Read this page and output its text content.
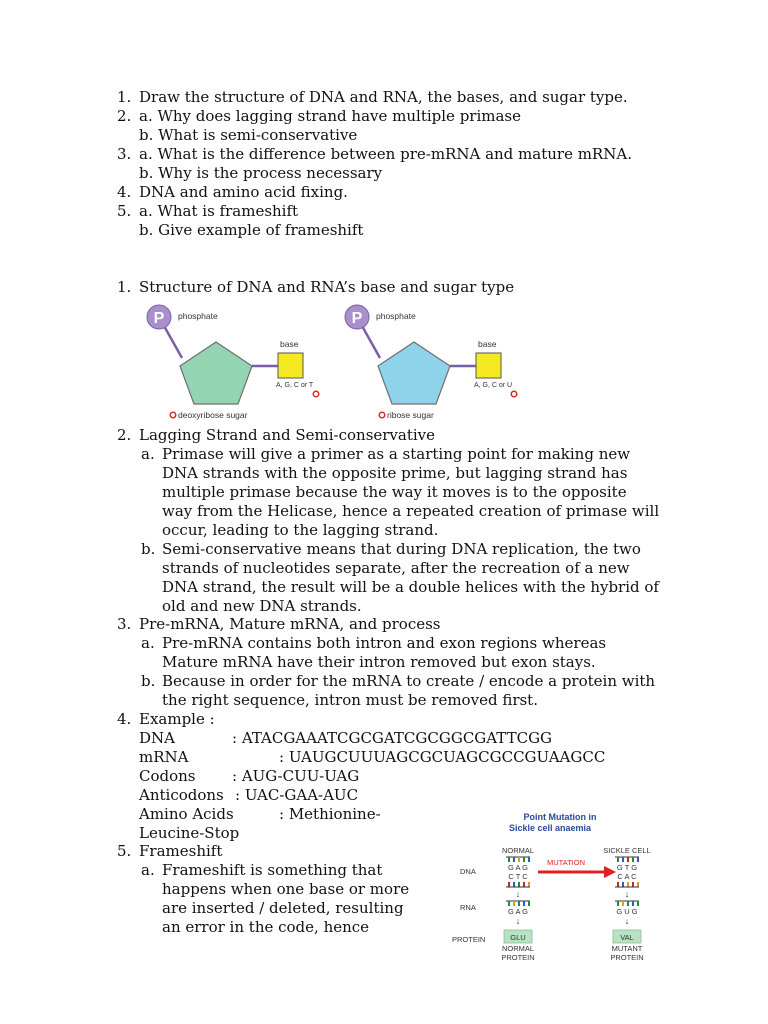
1. Draw the structure of DNA and RNA, the bases, and sugar type.
2. a. Why does lagging strand have multiple primase
b. What is semi-conservative
3. a. What is the difference between pre-mRNA and mature mRNA.
b. Why is the process necessary
4. DNA and amino acid fixing.
5. a. What is frameshift
b. Give example of frameshift
1. Structure of DNA and RNA’s base and sugar type
P phosphate
base
A, G, C or T
deoxyribose sugar
P phosphate
base
A, G, C or U
ribose sugar
2. Lagging Strand and Semi-conservative
a. Primase will give a primer as a starting point for making new
DNA strands with the opposite prime, but lagging strand has
multiple primase because the way it moves is to the opposite
way from the Helicase, hence a repeated creation of primase will
occur, leading to the lagging strand.
b. Semi-conservative means that during DNA replication, the two
strands of nucleotides separate, after the recreation of a new
DNA strand, the result will be a double helices with the hybrid of
old and new DNA strands.
3. Pre-mRNA, Mature mRNA, and process
a. Pre-mRNA contains both intron and exon regions whereas
Mature mRNA have their intron removed but exon stays.
b. Because in order for the mRNA to create / encode a protein with
the right sequence, intron must be removed first.
4. Example :
DNA	: ATACGAAATCGCGATCGCGGCGATTCGG
mRNA	: UAUGCUUUAGCGCUAGCGCCGUAAGCC
Codons : AUG-CUU-UAG
Anticodons : UAC-GAA-AUC
Amino Acids	: Methionine-
Leucine-Stop
5. Frameshift
a. Frameshift is something that
happens when one base or more
are inserted / deleted, resulting
an error in the code, hence
Point Mutation in
Sickle cell anaemia
NORMAL	SICKLE CELL
G A G
C T C
MUTATION
G T G
C A C
DNA
↓	↓
RNA	G A G	G U G
↓	↓
PROTEIN	GLU	VAL
NORMAL
PROTEIN
MUTANT
PROTEIN
